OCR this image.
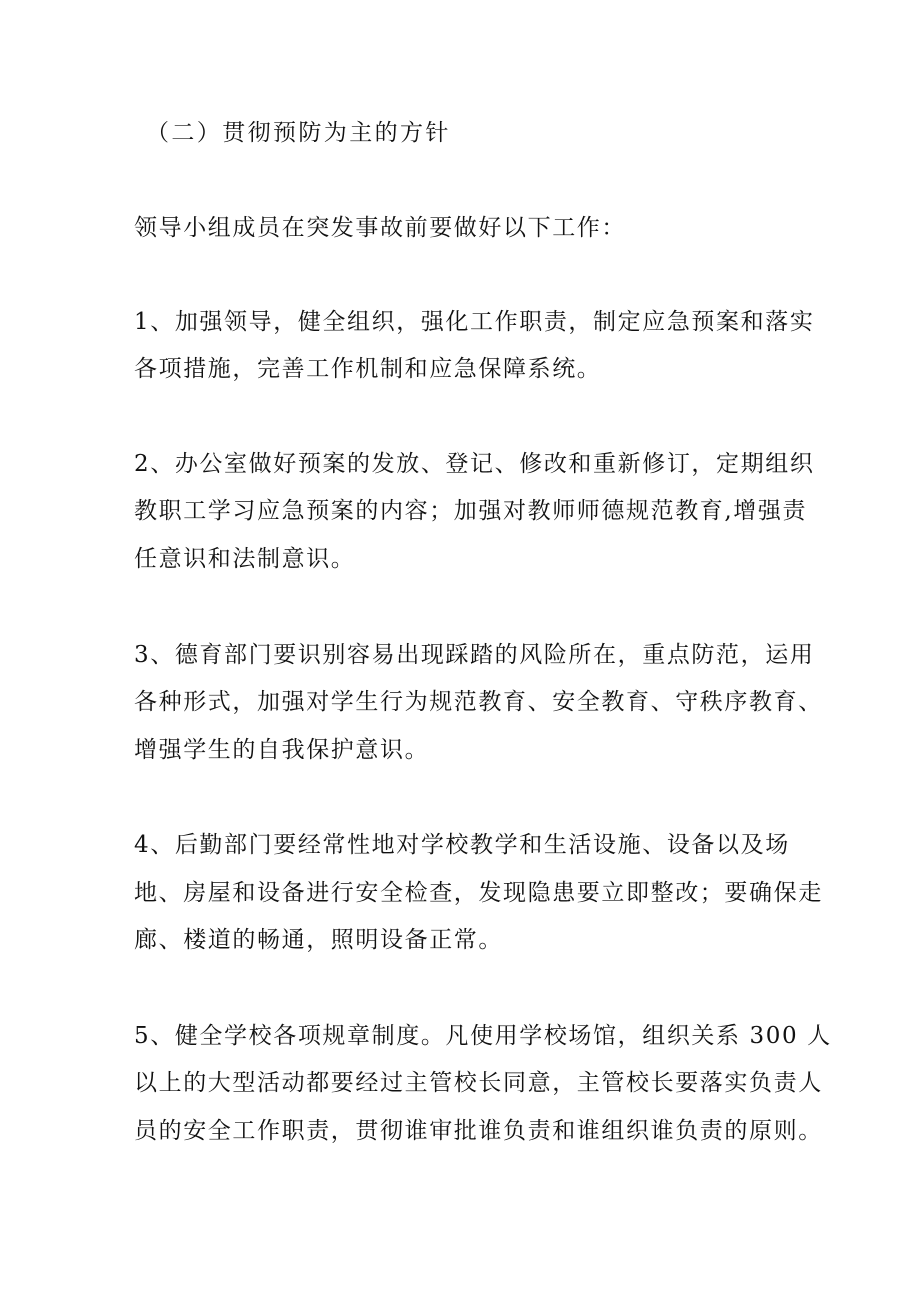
（二）贯彻预防为主的方针
领导小组成员在突发事故前要做好以下工作：
1、加强领导，健全组织，强化工作职责，制定应急预案和落实
各项措施，完善工作机制和应急保障系统。
2、办公室做好预案的发放、登记、修改和重新修订，定期组织
教职工学习应急预案的内容；加强对教师师德规范教育,增强责
任意识和法制意识。
3、德育部门要识别容易出现踩踏的风险所在，重点防范，运用
各种形式，加强对学生行为规范教育、安全教育、守秩序教育、
增强学生的自我保护意识。
4、后勤部门要经常性地对学校教学和生活设施、设备以及场
地、房屋和设备进行安全检查，发现隐患要立即整改；要确保走
廊、楼道的畅通，照明设备正常。
5、健全学校各项规章制度。凡使用学校场馆，组织关系 300 人
以上的大型活动都要经过主管校长同意，主管校长要落实负责人
员的安全工作职责，贯彻谁审批谁负责和谁组织谁负责的原则。
